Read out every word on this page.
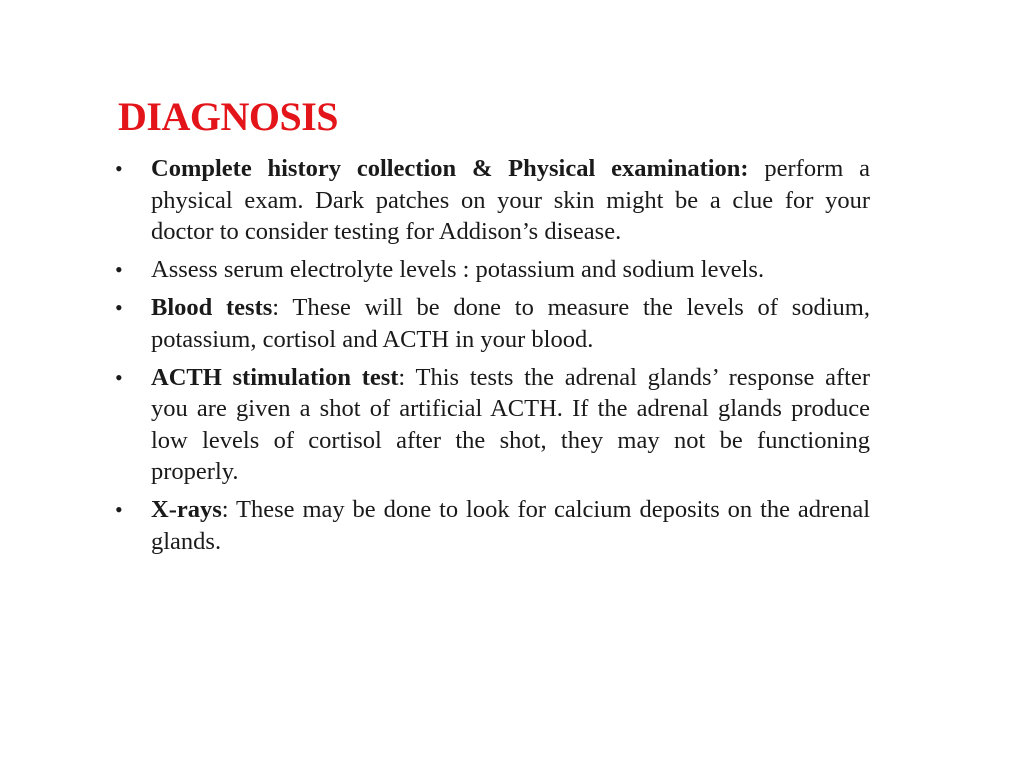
DIAGNOSIS
• Complete history collection & Physical examination: perform a physical exam. Dark patches on your skin might be a clue for your doctor to consider testing for Addison’s disease.
• Assess serum electrolyte levels : potassium and sodium levels.
• Blood tests: These will be done to measure the levels of sodium, potassium, cortisol and ACTH in your blood.
• ACTH stimulation test: This tests the adrenal glands’ response after you are given a shot of artificial ACTH. If the adrenal glands produce low levels of cortisol after the shot, they may not be functioning properly.
• X-rays: These may be done to look for calcium deposits on the adrenal glands.
